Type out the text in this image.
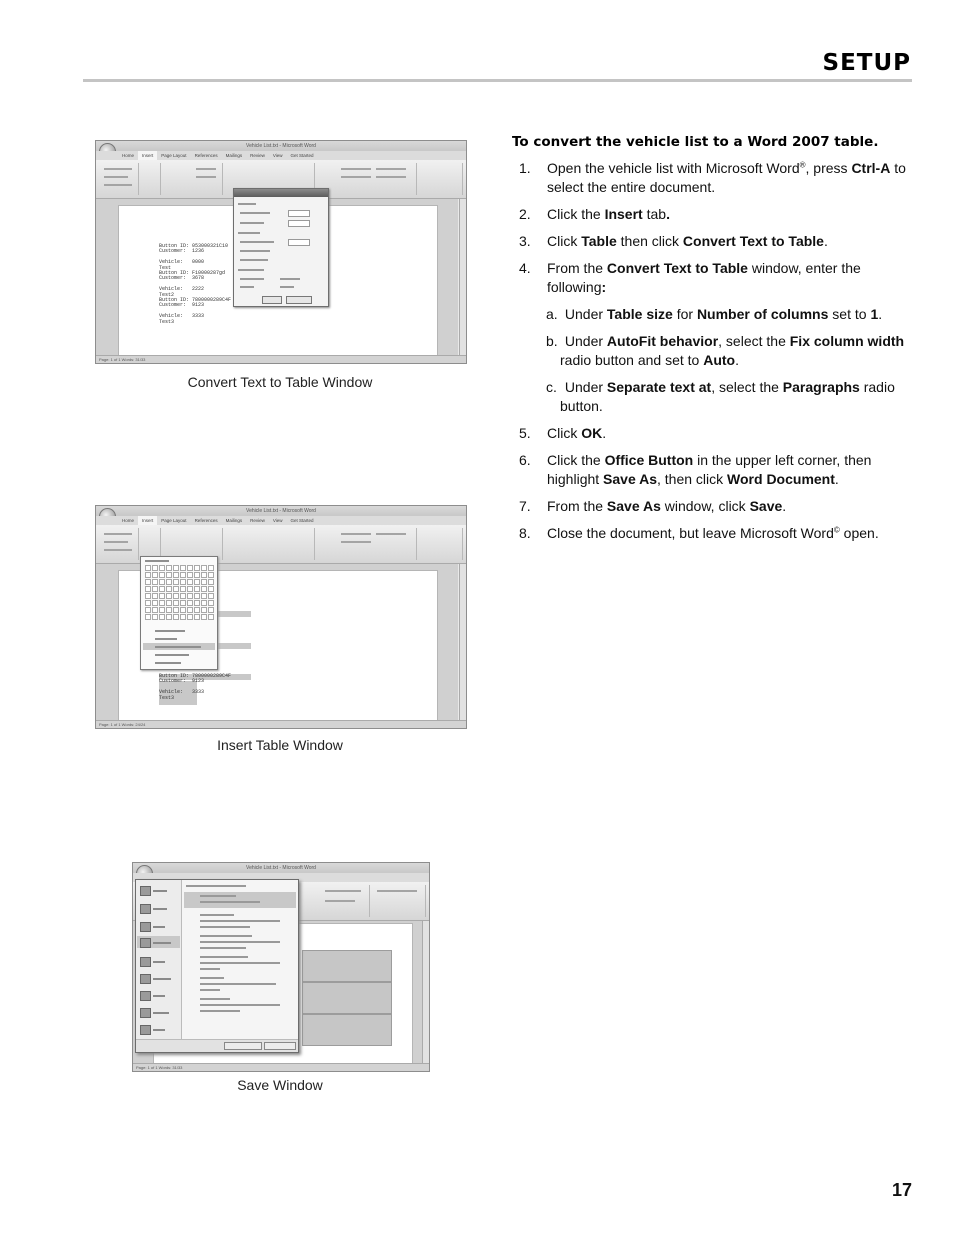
SETUP
Vehicle List.txt - Microsoft Word
Home Insert Page Layout References Mailings Review View Get Started
Button ID: 053000321C10
Customer:  1236

Vehicle:   0000
Test
Button ID: F10000287gd
Customer:  3678

Vehicle:   2222
Test2
Button ID: 7800000289C4F
Customer:  9123

Vehicle:   3333
Test3
Page: 1 of 1 Words: 31/33
Convert Text to Table Window
Vehicle List.txt - Microsoft Word
Home Insert Page Layout References Mailings Review View Get Started
Button ID: 7800000289C4F
Customer:  9123

Vehicle:   3333
Test3
Page: 1 of 1 Words: 24/24
Insert Table Window
Vehicle List.txt - Microsoft Word
Page: 1 of 1 Words: 31/33
Save Window
To convert the vehicle list to a Word 2007 table.
1. Open the vehicle list with Microsoft Word®, press Ctrl-A to select the entire document.
2. Click the Insert tab.
3. Click Table then click Convert Text to Table.
4. From the Convert Text to Table window, enter the following:
a. Under Table size for Number of columns set to 1.
b. Under AutoFit behavior, select the Fix column width radio button and set to Auto.
c. Under Separate text at, select the Paragraphs radio button.
5. Click OK.
6. Click the Office Button in the upper left corner, then highlight Save As, then click Word Document.
7. From the Save As window, click Save.
8. Close the document, but leave Microsoft Word© open.
17
